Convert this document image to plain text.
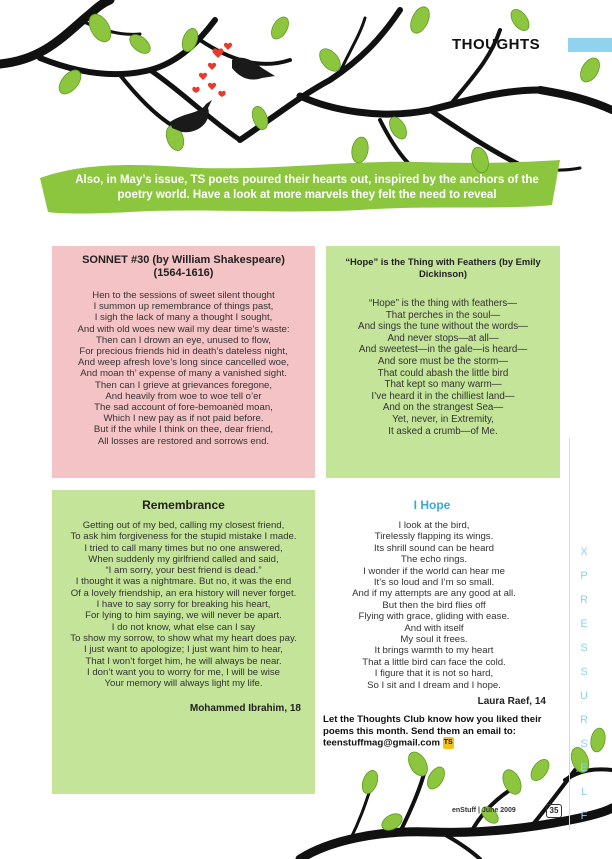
THOUGHTS
Also, in May’s issue, TS poets poured their hearts out, inspired by the anchors of the poetry world. Have a look at more marvels they felt the need to reveal
SONNET #30 (by William Shakespeare) (1564-1616)
Hen to the sessions of sweet silent thought
I summon up remembrance of things past,
I sigh the lack of many a thought I sought,
And with old woes new wail my dear time’s waste:
Then can I drown an eye, unused to flow,
For precious friends hid in death’s dateless night,
And weep afresh love’s long since cancelled woe,
And moan th’ expense of many a vanished sight.
Then can I grieve at grievances foregone,
And heavily from woe to woe tell o’er
The sad account of fore-bemoanèd moan,
Which I new pay as if not paid before.
But if the while I think on thee, dear friend,
All losses are restored and sorrows end.
“Hope” is the Thing with Feathers (by Emily Dickinson)
“Hope” is the thing with feathers—
That perches in the soul—
And sings the tune without the words—
And never stops—at all—
And sweetest—in the gale—is heard—
And sore must be the storm—
That could abash the little bird
That kept so many warm—
I’ve heard it in the chilliest land—
And on the strangest Sea—
Yet, never, in Extremity,
It asked a crumb—of Me.
Remembrance
Getting out of my bed, calling my closest friend,
To ask him forgiveness for the stupid mistake I made.
I tried to call many times but no one answered,
When suddenly my girlfriend called and said,
“I am sorry, your best friend is dead.”
I thought it was a nightmare. But no, it was the end
Of a lovely friendship, an era history will never forget.
I have to say sorry for breaking his heart,
For lying to him saying, we will never be apart.
I do not know, what else can I say
To show my sorrow, to show what my heart does pay.
I just want to apologize; I just want him to hear,
That I won’t forget him, he will always be near.
I don’t want you to worry for me, I will be wise
Your memory will always light my life.
Mohammed Ibrahim, 18
I Hope
I look at the bird,
Tirelessly flapping its wings.
Its shrill sound can be heard
The echo rings.
I wonder if the world can hear me
It’s so loud and I’m so small.
And if my attempts are any good at all.
But then the bird flies off
Flying with grace, gliding with ease.
And with itself
My soul it frees.
It brings warmth to my heart
That a little bird can face the cold.
I figure that it is not so hard,
So I sit and I dream and I hope.
Laura Raef, 14
Let the Thoughts Club know how you liked their poems this month. Send them an email to: teenstuffmag@gmail.com TS
X
P
R
E
S
S
U
R
S
E
L
F
enStuff | June 2009	35
